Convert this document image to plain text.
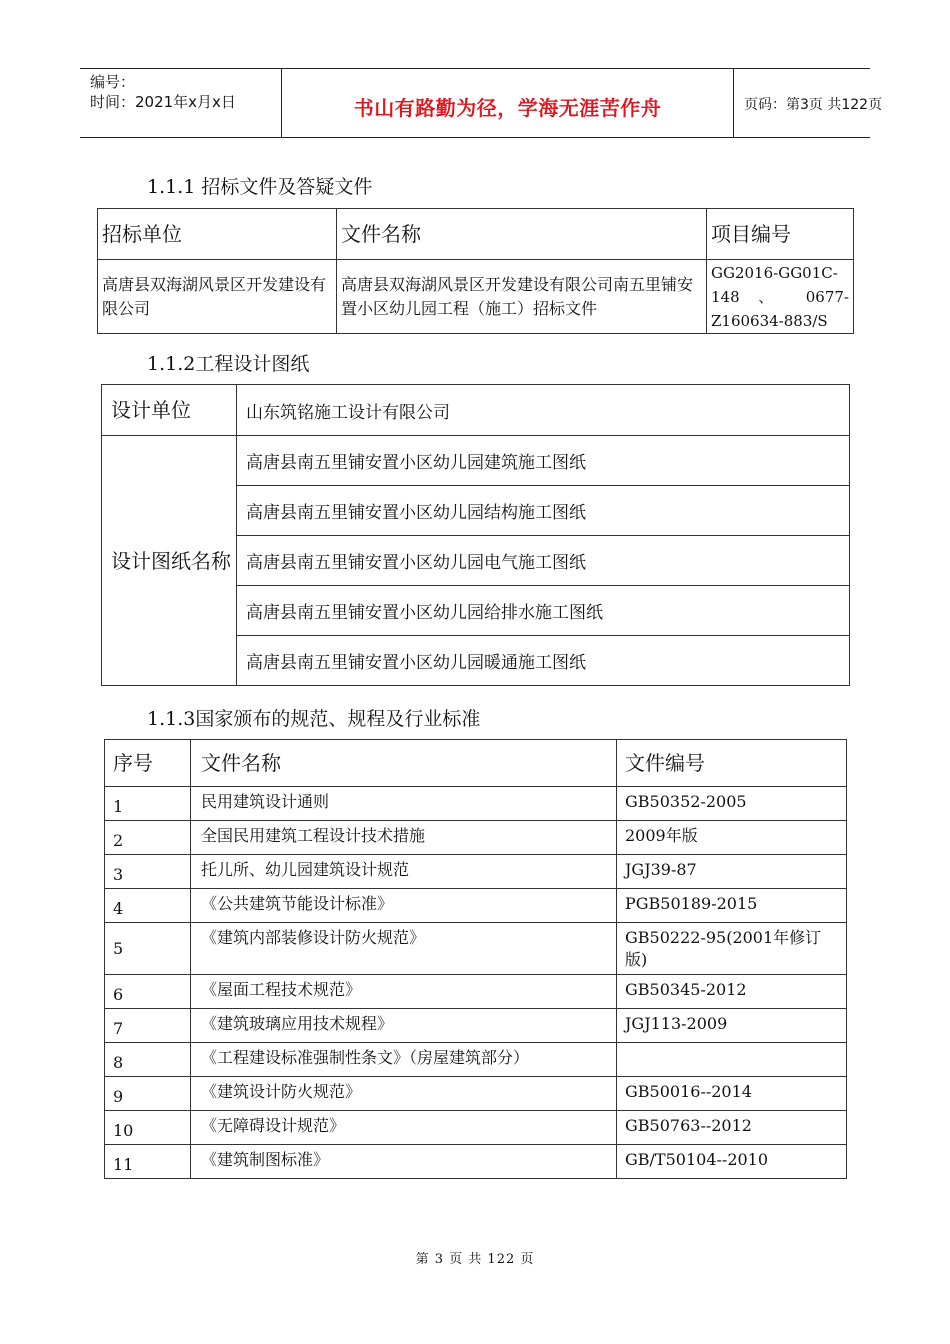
编号：
时间：2021年x月x日	书山有路勤为径，学海无涯苦作舟	页码：第3页 共122页
1.1.1 招标文件及答疑文件
招标单位	文件名称	项目编号
高唐县双海湖风景区开发建设有限公司	高唐县双海湖风景区开发建设有限公司南五里铺安置小区幼儿园工程（施工）招标文件	GG2016-GG01C-148 、 0677-Z160634-883/S
1.1.2工程设计图纸
设计单位	山东筑铭施工设计有限公司
设计图纸名称	高唐县南五里铺安置小区幼儿园建筑施工图纸
	高唐县南五里铺安置小区幼儿园结构施工图纸
	高唐县南五里铺安置小区幼儿园电气施工图纸
	高唐县南五里铺安置小区幼儿园给排水施工图纸
	高唐县南五里铺安置小区幼儿园暖通施工图纸
1.1.3国家颁布的规范、规程及行业标准
序号	文件名称	文件编号
1	民用建筑设计通则	GB50352-2005
2	全国民用建筑工程设计技术措施	2009年版
3	托儿所、幼儿园建筑设计规范	JGJ39-87
4	《公共建筑节能设计标准》	PGB50189-2015
5	《建筑内部装修设计防火规范》	GB50222-95(2001年修订版)
6	《屋面工程技术规范》	GB50345-2012
7	《建筑玻璃应用技术规程》	JGJ113-2009
8	《工程建设标准强制性条文》（房屋建筑部分）	
9	《建筑设计防火规范》	GB50016--2014
10	《无障碍设计规范》	GB50763--2012
11	《建筑制图标准》	GB/T50104--2010
第 3 页 共 122 页
